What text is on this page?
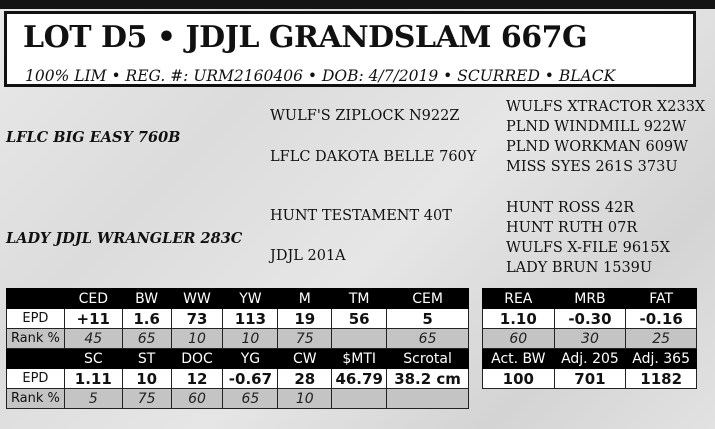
LOT D5 • JDJL GRANDSLAM 667G
100% LIM • REG. #: URM2160406 • DOB: 4/7/2019 • SCURRED • BLACK
LFLC BIG EASY 760B
LADY JDJL WRANGLER 283C
WULF'S ZIPLOCK N922Z
LFLC DAKOTA BELLE 760Y
HUNT TESTAMENT 40T
JDJL 201A
WULFS XTRACTOR X233X
PLND WINDMILL 922W
PLND WORKMAN 609W
MISS SYES 261S 373U
HUNT ROSS 42R
HUNT RUTH 07R
WULFS X-FILE 9615X
LADY BRUN 1539U
	CED	BW	WW	YW	M	TM	CEM
EPD	+11	1.6	73	113	19	56	5
Rank %	45	65	10	10	75		65
	SC	ST	DOC	YG	CW	$MTI	Scrotal
EPD	1.11	10	12	-0.67	28	46.79	38.2 cm
Rank %	5	75	60	65	10		
REA	MRB	FAT
1.10	-0.30	-0.16
60	30	25
Act. BW	Adj. 205	Adj. 365
100	701	1182
